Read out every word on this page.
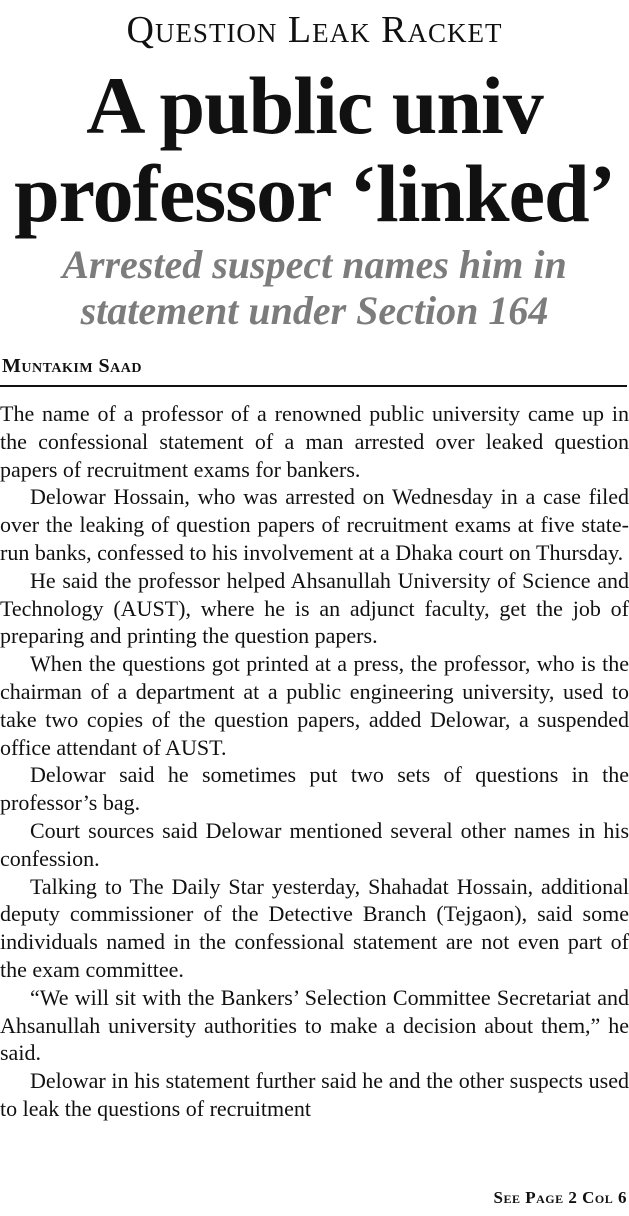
Question Leak Racket
A public univ
professor ‘linked’
Arrested suspect names him in
statement under Section 164
Muntakim Saad

The name of a professor of a renowned public university came up in the confessional statement of a man arrested over leaked question papers of recruitment exams for bankers.

Delowar Hossain, who was arrested on Wednesday in a case filed over the leaking of question papers of recruitment exams at five state-run banks, confessed to his involvement at a Dhaka court on Thursday.

He said the professor helped Ahsanullah University of Science and Technology (AUST), where he is an adjunct faculty, get the job of preparing and printing the question papers.

When the questions got printed at a press, the professor, who is the chairman of a department at a public engineering university, used to take two copies of the question papers, added Delowar, a suspended office attendant of AUST.

Delowar said he sometimes put two sets of questions in the professor’s bag.

Court sources said Delowar mentioned several other names in his confession.

Talking to The Daily Star yesterday, Shahadat Hossain, additional deputy commissioner of the Detective Branch (Tejgaon), said some individuals named in the confessional statement are not even part of the exam committee.

“We will sit with the Bankers’ Selection Committee Secretariat and Ahsanullah university authorities to make a decision about them,” he said.

Delowar in his statement further said he and the other suspects used to leak the questions of recruitment

See Page 2 Col 6
